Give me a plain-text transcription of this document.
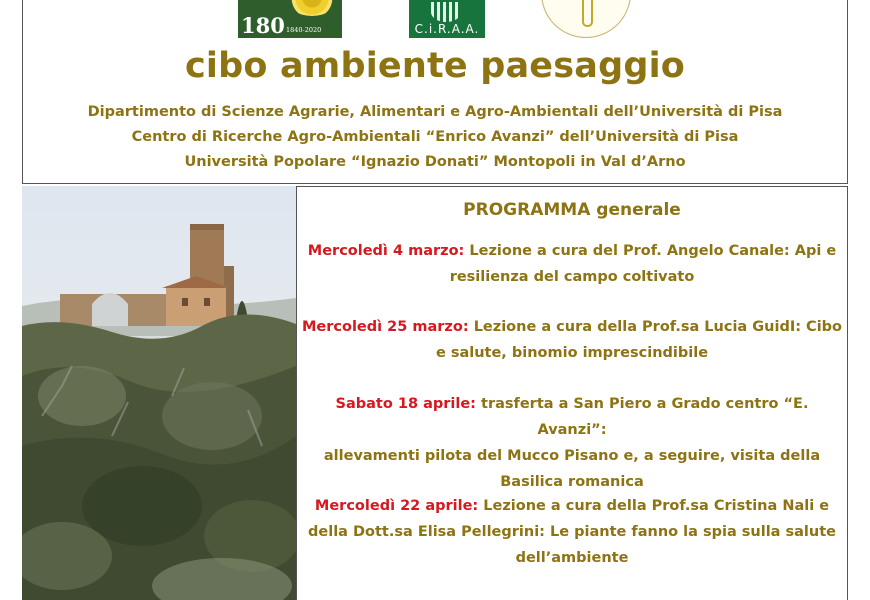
180 1840-2020	C.i.R.A.A.
cibo ambiente paesaggio
Dipartimento di Scienze Agrarie, Alimentari e Agro-Ambientali dell’Università di Pisa
Centro di Ricerche Agro-Ambientali “Enrico Avanzi” dell’Università di Pisa
Università Popolare “Ignazio Donati” Montopoli in Val d’Arno
PROGRAMMA generale
Mercoledì 4 marzo: Lezione a cura del Prof. Angelo Canale: Api e
resilienza del campo coltivato
Mercoledì 25 marzo: Lezione a cura della Prof.sa Lucia GuidI: Cibo
e salute, binomio imprescindibile
Sabato 18 aprile: trasferta a San Piero a Grado centro “E. Avanzi”:
allevamenti pilota del Mucco Pisano e, a seguire, visita della
Basilica romanica
Mercoledì 22 aprile: Lezione a cura della Prof.sa Cristina Nali e
della Dott.sa Elisa Pellegrini: Le piante fanno la spia sulla salute
dell’ambiente
